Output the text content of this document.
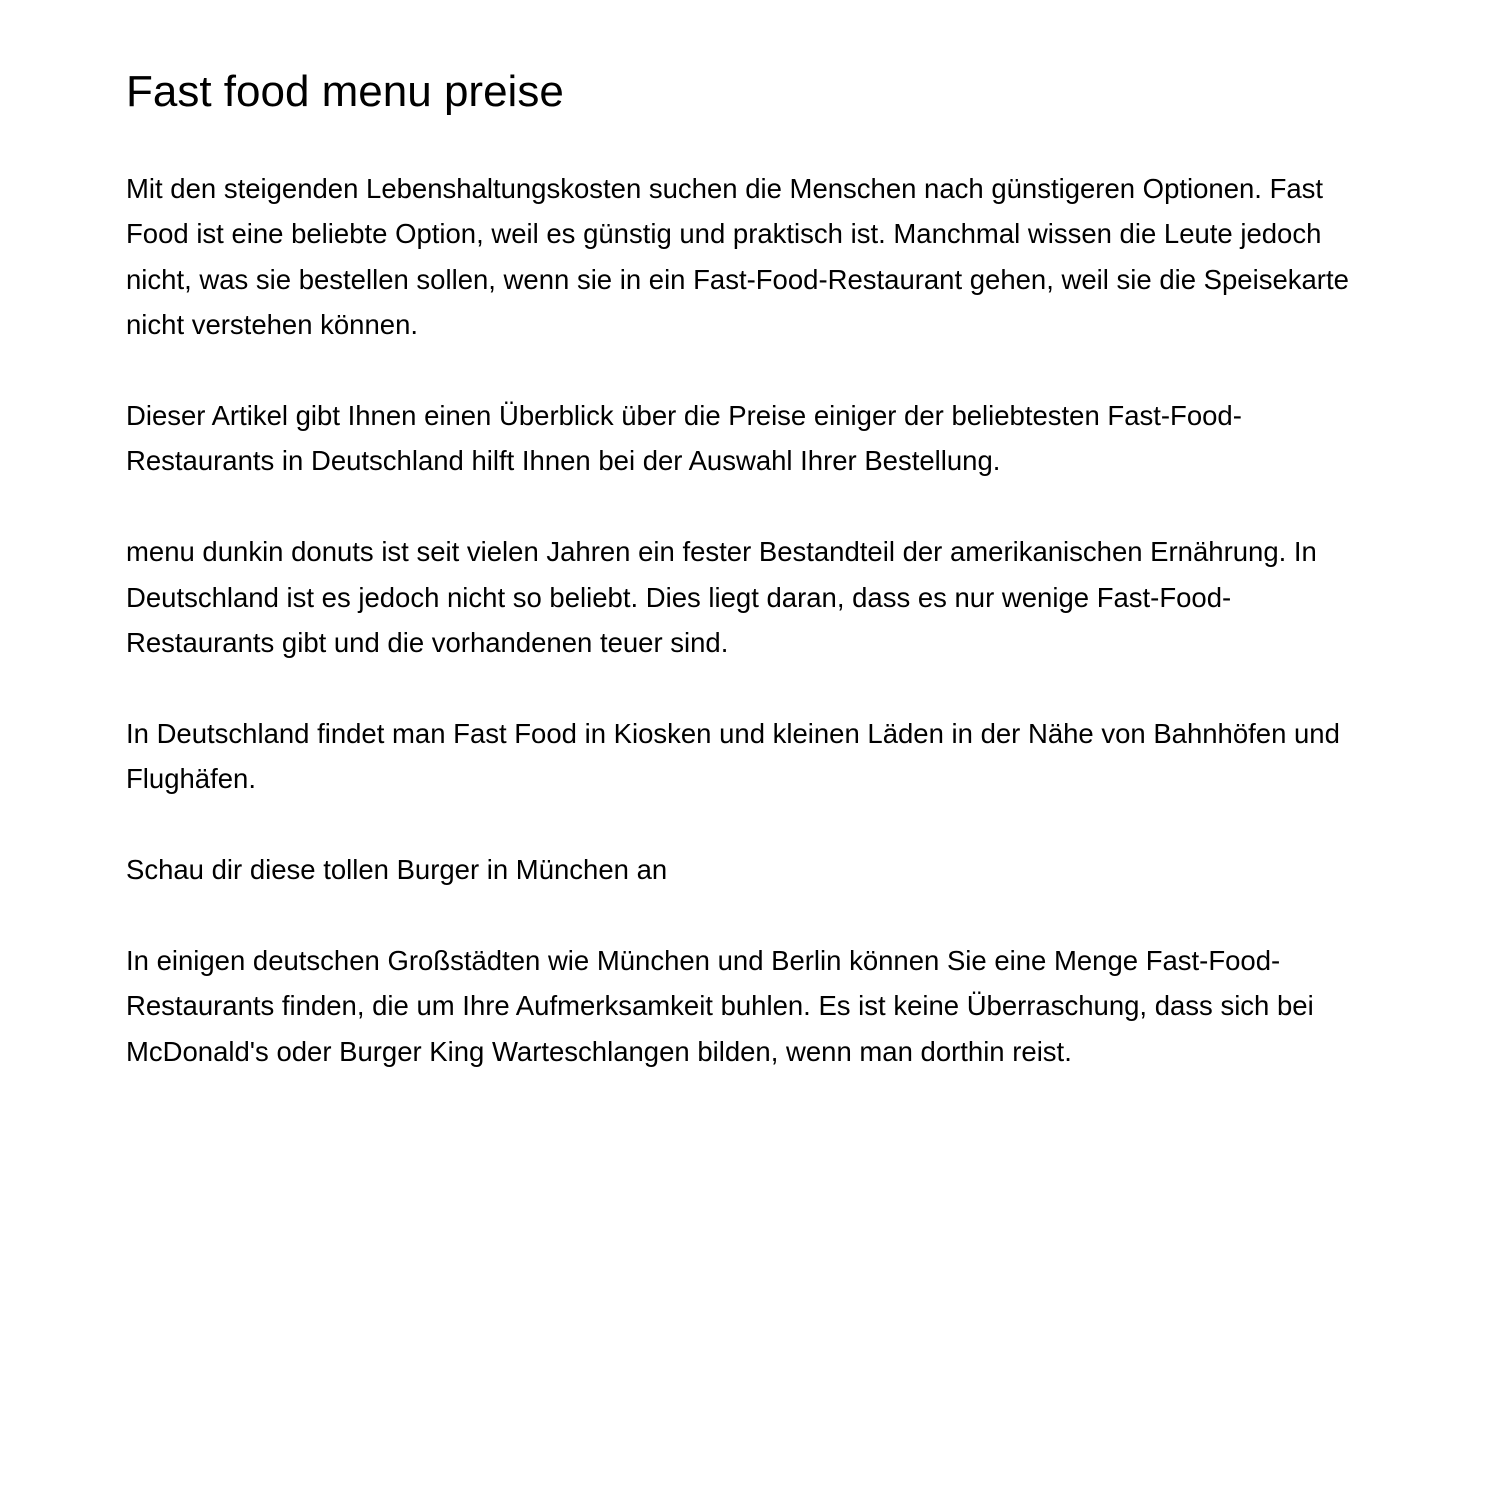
Fast food menu preise

Mit den steigenden Lebenshaltungskosten suchen die Menschen nach günstigeren Optionen. Fast Food ist eine beliebte Option, weil es günstig und praktisch ist. Manchmal wissen die Leute jedoch nicht, was sie bestellen sollen, wenn sie in ein Fast-Food-Restaurant gehen, weil sie die Speisekarte nicht verstehen können.

Dieser Artikel gibt Ihnen einen Überblick über die Preise einiger der beliebtesten Fast-Food-Restaurants in Deutschland hilft Ihnen bei der Auswahl Ihrer Bestellung.

menu dunkin donuts ist seit vielen Jahren ein fester Bestandteil der amerikanischen Ernährung. In Deutschland ist es jedoch nicht so beliebt. Dies liegt daran, dass es nur wenige Fast-Food-Restaurants gibt und die vorhandenen teuer sind.

In Deutschland findet man Fast Food in Kiosken und kleinen Läden in der Nähe von Bahnhöfen und Flughäfen.

Schau dir diese tollen Burger in München an

In einigen deutschen Großstädten wie München und Berlin können Sie eine Menge Fast-Food-Restaurants finden, die um Ihre Aufmerksamkeit buhlen. Es ist keine Überraschung, dass sich bei McDonald's oder Burger King Warteschlangen bilden, wenn man dorthin reist.
